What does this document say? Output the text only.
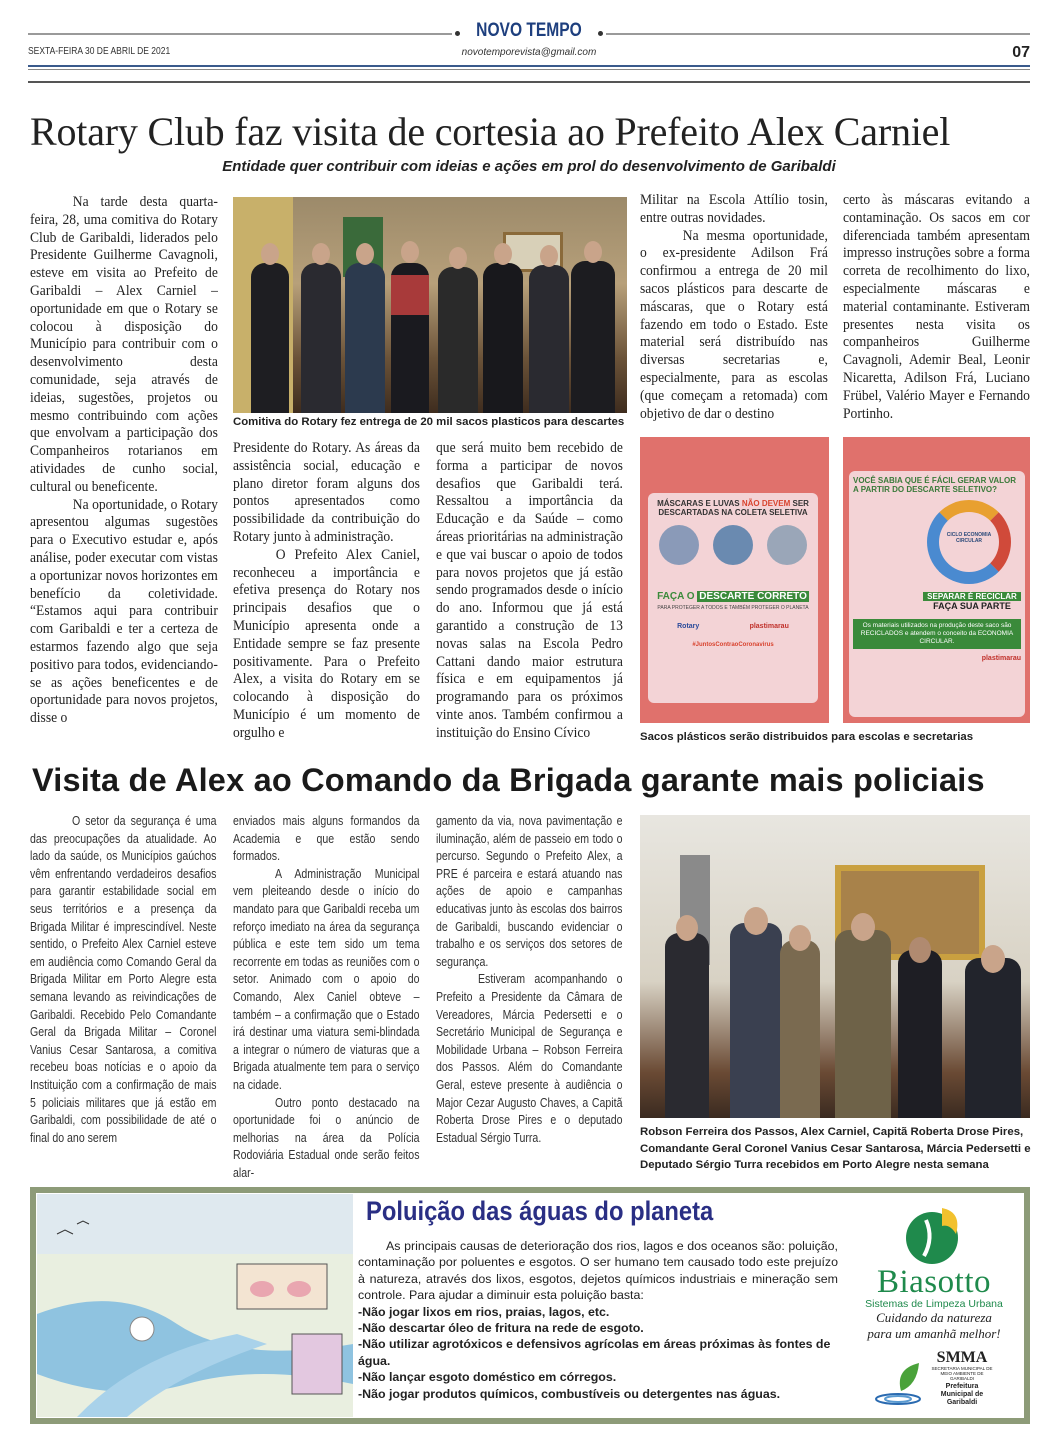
NOVO TEMPO
SEXTA-FEIRA 30 DE ABRIL DE 2021	novotemporevista@gmail.com	07
Rotary Club faz visita de cortesia ao Prefeito Alex Carniel
Entidade quer contribuir com ideias e ações em prol do desenvolvimento de Garibaldi

Na tarde desta quarta-feira, 28, uma comitiva do Rotary Club de Garibaldi, liderados pelo Presidente Guilherme Cavagnoli, esteve em visita ao Prefeito de Garibaldi – Alex Carniel – oportunidade em que o Rotary se colocou à disposição do Município para contribuir com o desenvolvimento desta comunidade, seja através de ideias, sugestões, projetos ou mesmo contribuindo com ações que envolvam a participação dos Companheiros rotarianos em atividades de cunho social, cultural ou beneficente.

Na oportunidade, o Rotary apresentou algumas sugestões para o Executivo estudar e, após análise, poder executar com vistas a oportunizar novos horizontes em benefício da coletividade. “Estamos aqui para contribuir com Garibaldi e ter a certeza de estarmos fazendo algo que seja positivo para todos, evidenciando-se as ações beneficentes e de oportunidade para novos projetos, disse o

Comitiva do Rotary fez entrega de 20 mil sacos plasticos para descartes

Presidente do Rotary. As áreas da assistência social, educação e plano diretor foram alguns dos pontos apresentados como possibilidade da contribuição do Rotary junto à administração.

O Prefeito Alex Caniel, reconheceu a importância e efetiva presença do Rotary nos principais desafios que o Município apresenta onde a Entidade sempre se faz presente positivamente. Para o Prefeito Alex, a visita do Rotary em se colocando à disposição do Município é um momento de orgulho e

que será muito bem recebido de forma a participar de novos desafios que Garibaldi terá. Ressaltou a importância da Educação e da Saúde – como áreas prioritárias na administração e que vai buscar o apoio de todos para novos projetos que já estão sendo programados desde o início do ano. Informou que já está garantido a construção de 13 novas salas na Escola Pedro Cattani dando maior estrutura física e em equipamentos já programando para os próximos vinte anos. Também confirmou a instituição do Ensino Cívico

Militar na Escola Attílio tosin, entre outras novidades.

Na mesma oportunidade, o ex-presidente Adilson Frá confirmou a entrega de 20 mil sacos plásticos para descarte de máscaras, que o Rotary está fazendo em todo o Estado. Este material será distribuído nas diversas secretarias e, especialmente, para as escolas (que começam a retomada) com objetivo de dar o destino

certo às máscaras evitando a contaminação. Os sacos em cor diferenciada também apresentam impresso instruções sobre a forma correta de recolhimento do lixo, especialmente máscaras e material contaminante. Estiveram presentes nesta visita os companheiros Guilherme Cavagnoli, Ademir Beal, Leonir Nicaretta, Adilson Frá, Luciano Frübel, Valério Mayer e Fernando Portinho.

MÁSCARAS E LUVAS NÃO DEVEM SER DESCARTADAS NA COLETA SELETIVA
FAÇA O DESCARTE CORRETO
PARA PROTEGER A TODOS E TAMBÉM PROTEGER O PLANETA
Rotary	plastimarau
#JuntosContraoCoronavirus
VOCÊ SABIA QUE É FÁCIL GERAR VALOR A PARTIR DO DESCARTE SELETIVO?
CICLO ECONOMIA CIRCULAR
SEPARAR É RECICLAR
FAÇA SUA PARTE
Os materiais utilizados na produção deste saco são RECICLADOS e atendem o conceito da ECONOMIA CIRCULAR.
plastimarau
Sacos plásticos serão distribuidos para escolas e secretarias
Visita de Alex ao Comando da Brigada garante mais policiais

O setor da segurança é uma das preocupações da atualidade. Ao lado da saúde, os Municípios gaúchos vêm enfrentando verdadeiros desafios para garantir estabilidade social em seus territórios e a presença da Brigada Militar é imprescindível. Neste sentido, o Prefeito Alex Carniel esteve em audiência como Comando Geral da Brigada Militar em Porto Alegre esta semana levando as reivindicações de Garibaldi. Recebido Pelo Comandante Geral da Brigada Militar – Coronel Vanius Cesar Santarosa, a comitiva recebeu boas notícias e o apoio da Instituição com a confirmação de mais 5 policiais militares que já estão em Garibaldi, com possibilidade de até o final do ano serem

enviados mais alguns formandos da Academia e que estão sendo formados.

A Administração Municipal vem pleiteando desde o início do mandato para que Garibaldi receba um reforço imediato na área da segurança pública e este tem sido um tema recorrente em todas as reuniões com o setor. Animado com o apoio do Comando, Alex Caniel obteve – também – a confirmação que o Estado irá destinar uma viatura semi-blindada a integrar o número de viaturas que a Brigada atualmente tem para o serviço na cidade.

Outro ponto destacado na oportunidade foi o anúncio de melhorias na área da Polícia Rodoviária Estadual onde serão feitos alar-

gamento da via, nova pavimentação e iluminação, além de passeio em todo o percurso. Segundo o Prefeito Alex, a PRE é parceira e estará atuando nas ações de apoio e campanhas educativas junto às escolas dos bairros de Garibaldi, buscando evidenciar o trabalho e os serviços dos setores de segurança.

Estiveram acompanhando o Prefeito a Presidente da Câmara de Vereadores, Márcia Pedersetti e o Secretário Municipal de Segurança e Mobilidade Urbana – Robson Ferreira dos Passos. Além do Comandante Geral, esteve presente à audiência o Major Cezar Augusto Chaves, a Capitã Roberta Drose Pires e o deputado Estadual Sérgio Turra.	Robson Ferreira dos Passos, Alex Carniel, Capitã Roberta Drose Pires, Comandante Geral Coronel Vanius Cesar Santarosa, Márcia Pedersetti e Deputado Sérgio Turra recebidos em Porto Alegre nesta semana
Poluição das águas do planeta

As principais causas de deterioração dos rios, lagos e dos oceanos são: poluição, contaminação por poluentes e esgotos. O ser humano tem causado todo este prejuízo à natureza, através dos lixos, esgotos, dejetos químicos industriais e mineração sem controle. Para ajudar a diminuir esta poluição basta:

-Não jogar lixos em rios, praias, lagos, etc.

-Não descartar óleo de fritura na rede de esgoto.

-Não utilizar agrotóxicos e defensivos agrícolas em áreas próximas às fontes de água.

-Não lançar esgoto doméstico em córregos.

-Não jogar produtos químicos, combustíveis ou detergentes nas águas.

Biasotto
Sistemas de Limpeza Urbana
Cuidando da natureza
para um amanhã melhor!
SMMA
SECRETARIA MUNICIPAL DE MEIO AMBIENTE DE GARIBALDI
Prefeitura Municipal de Garibaldi
